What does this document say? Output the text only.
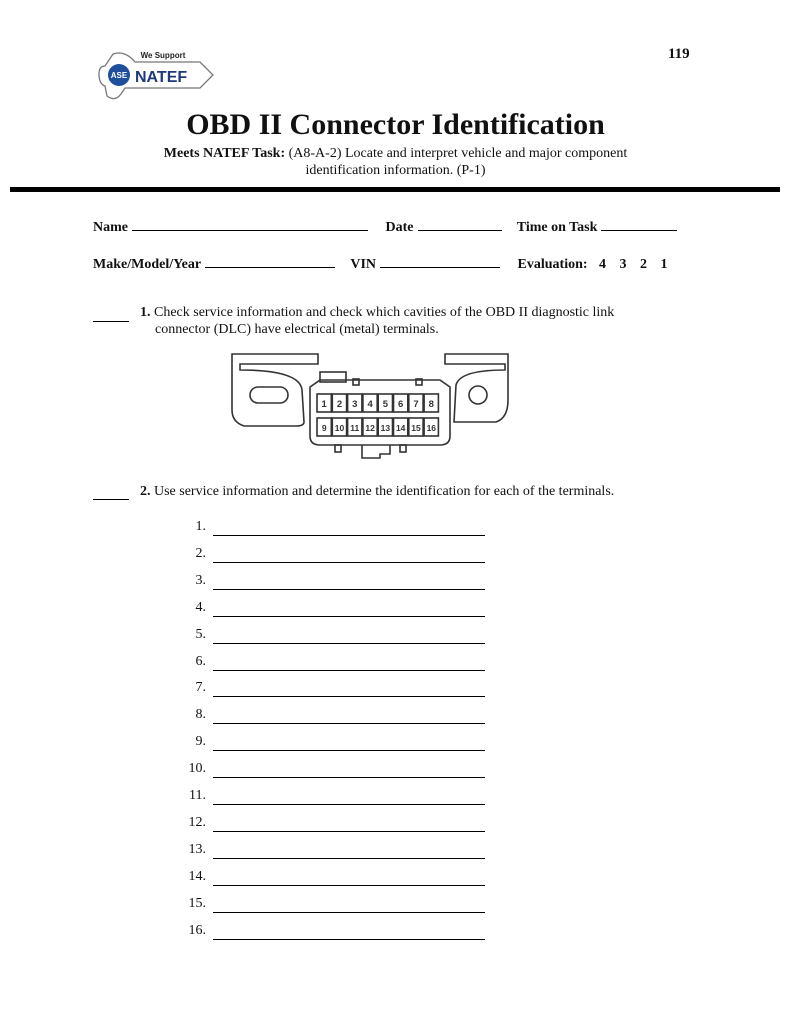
ASE
We Support
NATEF
119
OBD II Connector Identification
Meets NATEF Task: (A8-A-2) Locate and interpret vehicle and major component
identification information. (P-1)
Name	Date	Time on Task
Make/Model/Year	VIN	Evaluation: 4 3 2 1
1. Check service information and check which cavities of the OBD II diagnostic link
connector (DLC) have electrical (metal) terminals.
1 2 3 4 5 6 7 8
9 10 11 12 13 14 15 16
2. Use service information and determine the identification for each of the terminals.
1.
2.
3.
4.
5.
6.
7.
8.
9.
10.
11.
12.
13.
14.
15.
16.
